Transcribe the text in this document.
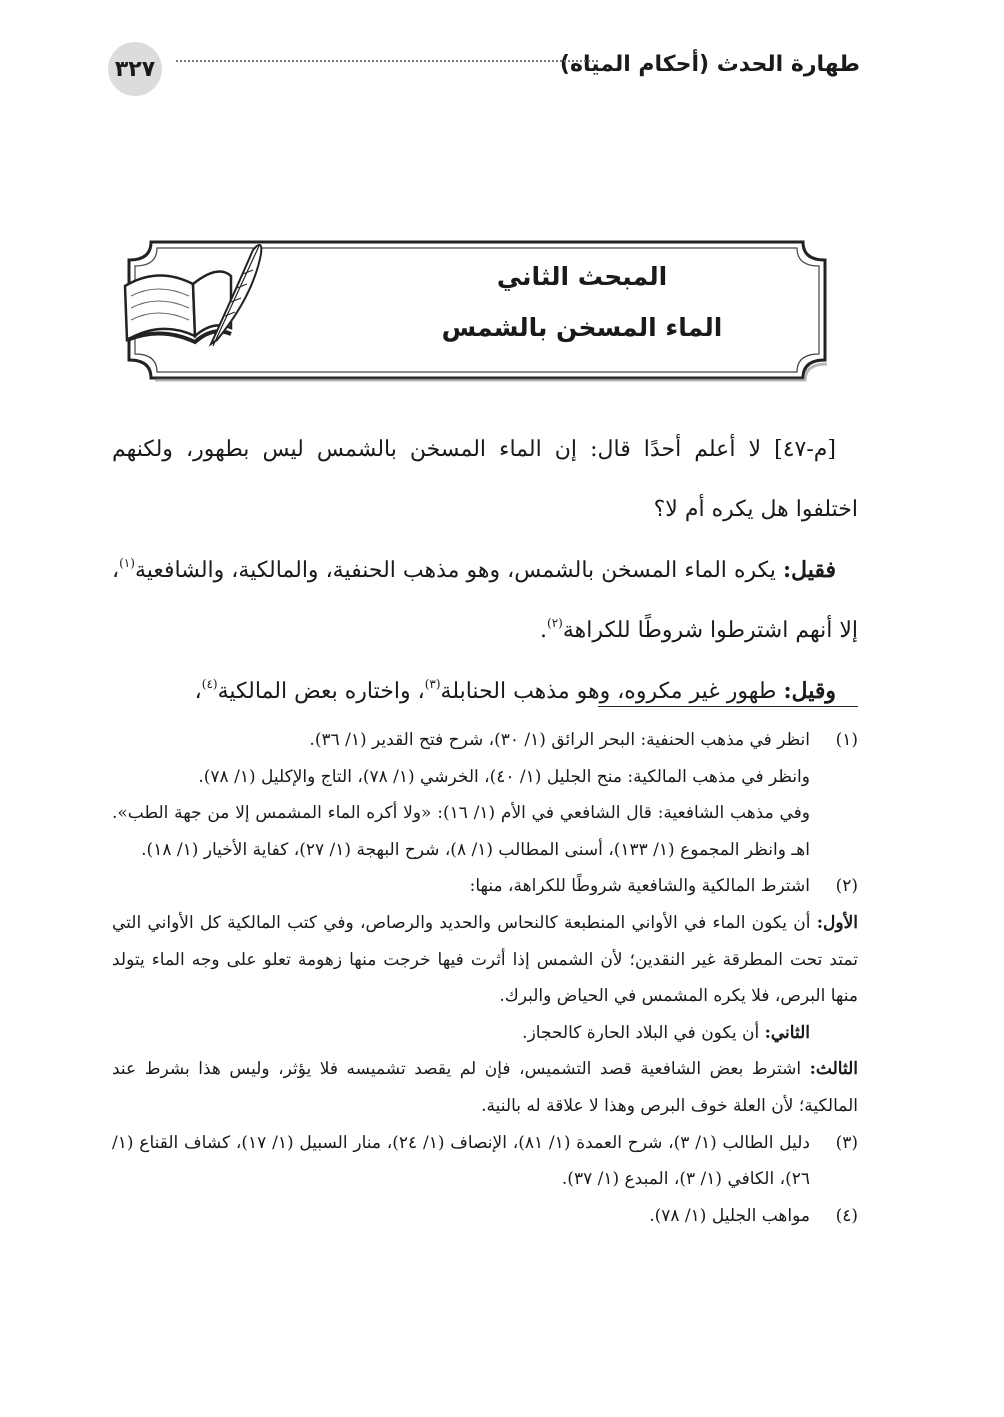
طهارة الحدث (أحكام المياه)
٣٢٧
المبحث الثاني
الماء المسخن بالشمس

[م-٤٧] لا أعلم أحدًا قال: إن الماء المسخن بالشمس ليس بطهور، ولكنهم اختلفوا هل يكره أم لا؟

فقيل: يكره الماء المسخن بالشمس، وهو مذهب الحنفية، والمالكية، والشافعية$^{(١)}$، إلا أنهم اشترطوا شروطًا للكراهة$^{(٢)}$.

وقيل: طهور غير مكروه، وهو مذهب الحنابلة$^{(٣)}$، واختاره بعض المالكية$^{(٤)}$،

(١)

انظر في مذهب الحنفية: البحر الرائق (١/ ٣٠)، شرح فتح القدير (١/ ٣٦).

وانظر في مذهب المالكية: منح الجليل (١/ ٤٠)، الخرشي (١/ ٧٨)، التاج والإكليل (١/ ٧٨).

وفي مذهب الشافعية: قال الشافعي في الأم (١/ ١٦): «ولا أكره الماء المشمس إلا من جهة الطب». اهـ وانظر المجموع (١/ ١٣٣)، أسنى المطالب (١/ ٨)، شرح البهجة (١/ ٢٧)، كفاية الأخيار (١/ ١٨).

(٢)

اشترط المالكية والشافعية شروطًا للكراهة، منها:

الأول: أن يكون الماء في الأواني المنطبعة كالنحاس والحديد والرصاص، وفي كتب المالكية كل الأواني التي تمتد تحت المطرقة غير النقدين؛ لأن الشمس إذا أثرت فيها خرجت منها زهومة تعلو على وجه الماء يتولد منها البرص، فلا يكره المشمس في الحياض والبرك.

الثاني: أن يكون في البلاد الحارة كالحجاز.

الثالث: اشترط بعض الشافعية قصد التشميس، فإن لم يقصد تشميسه فلا يؤثر، وليس هذا بشرط عند المالكية؛ لأن العلة خوف البرص وهذا لا علاقة له بالنية.

(٣)

دليل الطالب (١/ ٣)، شرح العمدة (١/ ٨١)، الإنصاف (١/ ٢٤)، منار السبيل (١/ ١٧)، كشاف القناع (١/ ٢٦)، الكافي (١/ ٣)، المبدع (١/ ٣٧).

(٤)

مواهب الجليل (١/ ٧٨).
